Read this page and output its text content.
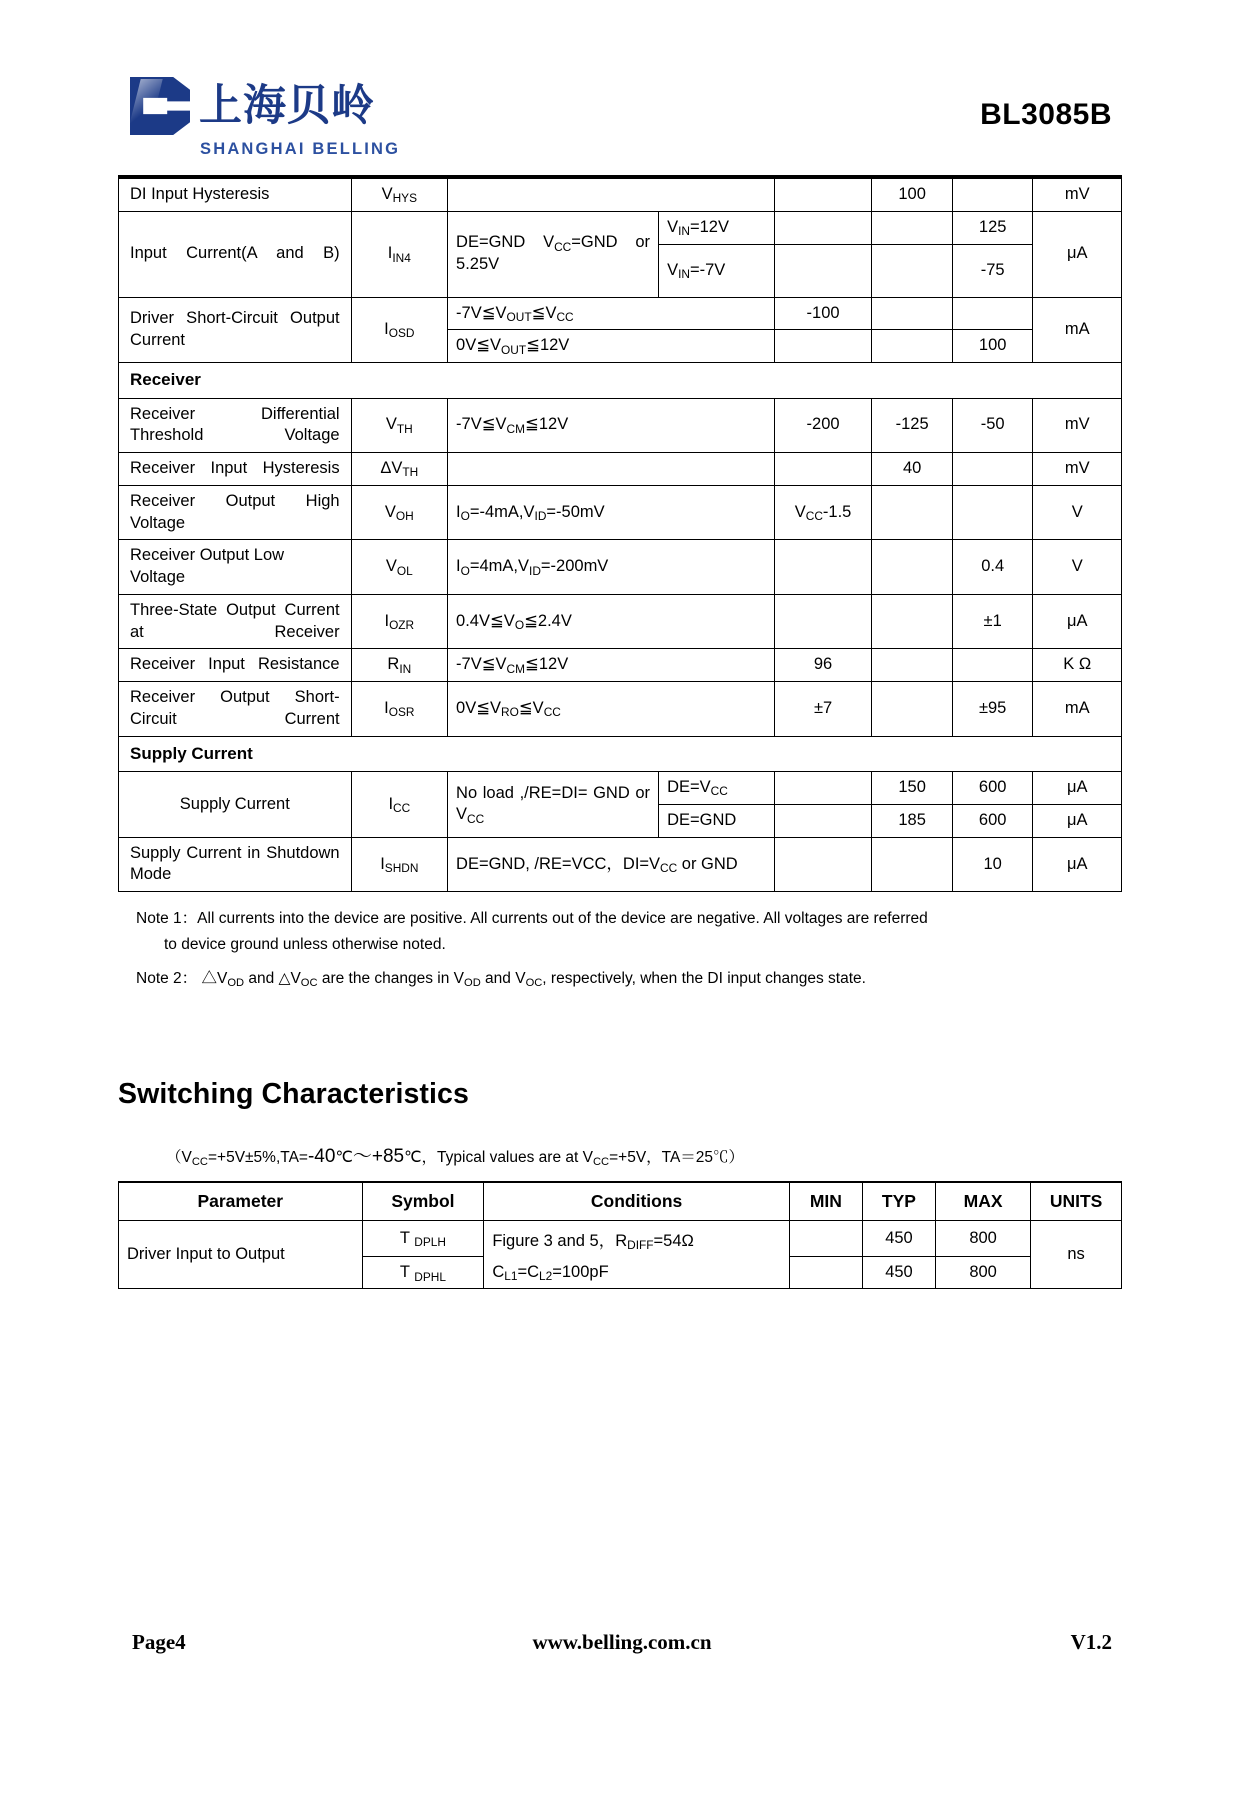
上海贝岭
SHANGHAI BELLING
BL3085B
DI Input Hysteresis	$V_{HYS}$				100		mV
Input Current(A and B)	$I_{IN4}$	DE=GND $V_{CC}=GND$ or 5.25V	$V_{IN}=12V$			125	μA
			$V_{IN}=-7V$			-75	
Driver Short-Circuit Output Current	$I_{OSD}$	$-7V≦V_{OUT}≦V_{CC}$		-100			mA
		$0V≦V_{OUT}≦12V$				100	
Receiver							
Receiver Differential Threshold Voltage	$V_{TH}$	$-7V≦V_{CM}≦12V$		-200	-125	-50	mV
Receiver Input Hysteresis	$\Delta V_{TH}$				40		mV
Receiver Output High Voltage	$V_{OH}$	$I_O=-4mA,V_{ID}=-50mV$		$V_{CC}-1.5$			V
Receiver Output Low Voltage	$V_{OL}$	$I_O=4mA,V_{ID}=-200mV$				0.4	V
Three-State Output Current at Receiver	$I_{OZR}$	$0.4V≦V_O≦2.4V$				±1	μA
Receiver Input Resistance	$R_{IN}$	$-7V≦V_{CM}≦12V$		96			K Ω
Receiver Output Short-Circuit Current	$I_{OSR}$	$0V≦V_{RO}≦V_{CC}$		±7		±95	mA
Supply Current							
Supply Current	$I_{CC}$	No load ,/RE=DI= GND or $V_{CC}$	$DE=V_{CC}$		150	600	μA
			DE=GND		185	600	μA
Supply Current in Shutdown Mode	$I_{SHDN}$	DE=GND, /RE=VCC，$DI=V_{CC}$ or GND				10	μA
Note 1：All currents into the device are positive. All currents out of the device are negative. All voltages are referred
to device ground unless otherwise noted.
Note 2： $\triangle V_{OD}$ and $\triangle V_{OC}$ are the changes in $V_{OD}$ and $V_{OC}$, respectively, when the DI input changes state.
Switching Characteristics
（$V_{CC}=+5V\pm 5\%,TA=-40℃\sim+85℃$，Typical values are at $V_{CC}=+5V$，TA＝25℃）
Parameter	Symbol	Conditions	MIN	TYP	MAX	UNITS
Driver Input to Output	T $_{DPLH}$	Figure 3 and 5，$R_{DIFF}=54\Omega$		450	800	ns
	T $_{DPHL}$	$C_{L1}=C_{L2}=100pF$		450	800	
Page4	www.belling.com.cn	V1.2
